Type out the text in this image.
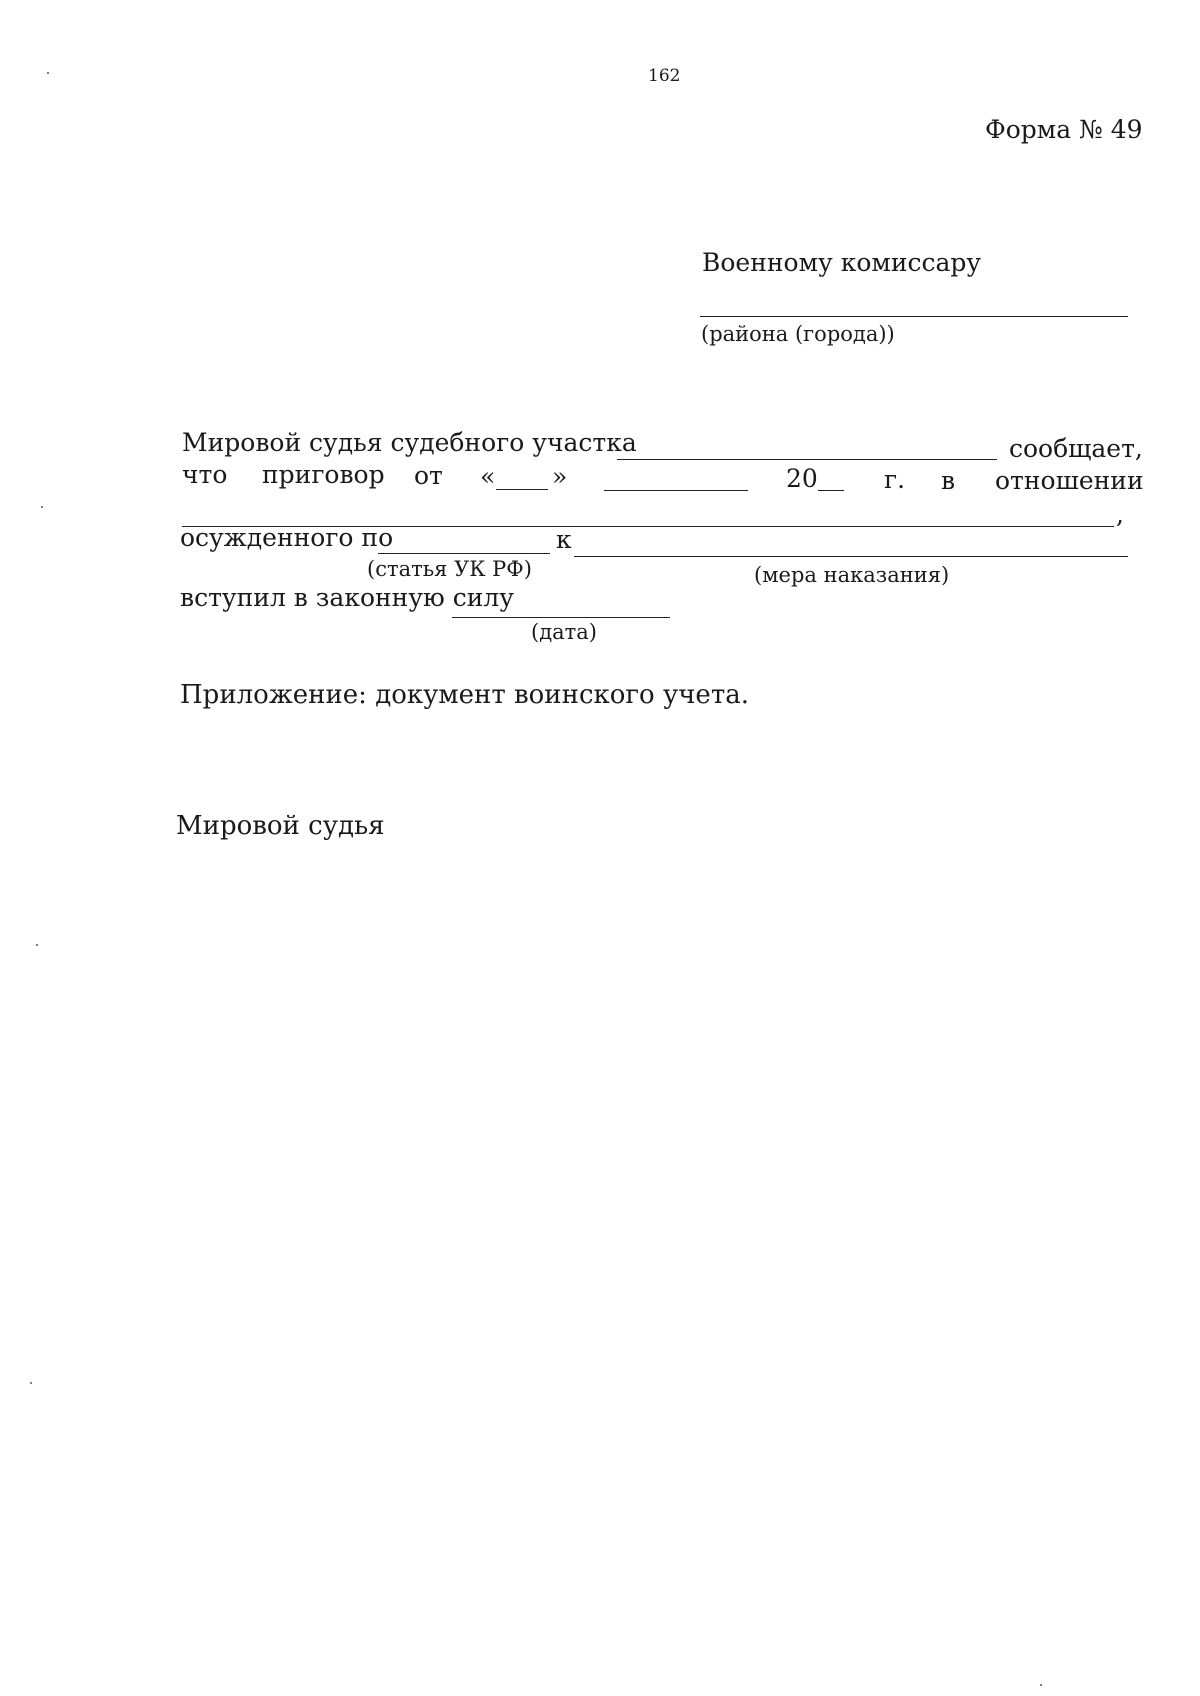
162
Форма № 49
Военному комиссару
(района (города))
Мировой судья судебного участка	сообщает,
что приговор от « »	20	г. в отношении
,
осужденного по	к
(статья УК РФ)	(мера наказания)
вступил в законную силу
(дата)
Приложение: документ воинского учета.
Мировой судья
